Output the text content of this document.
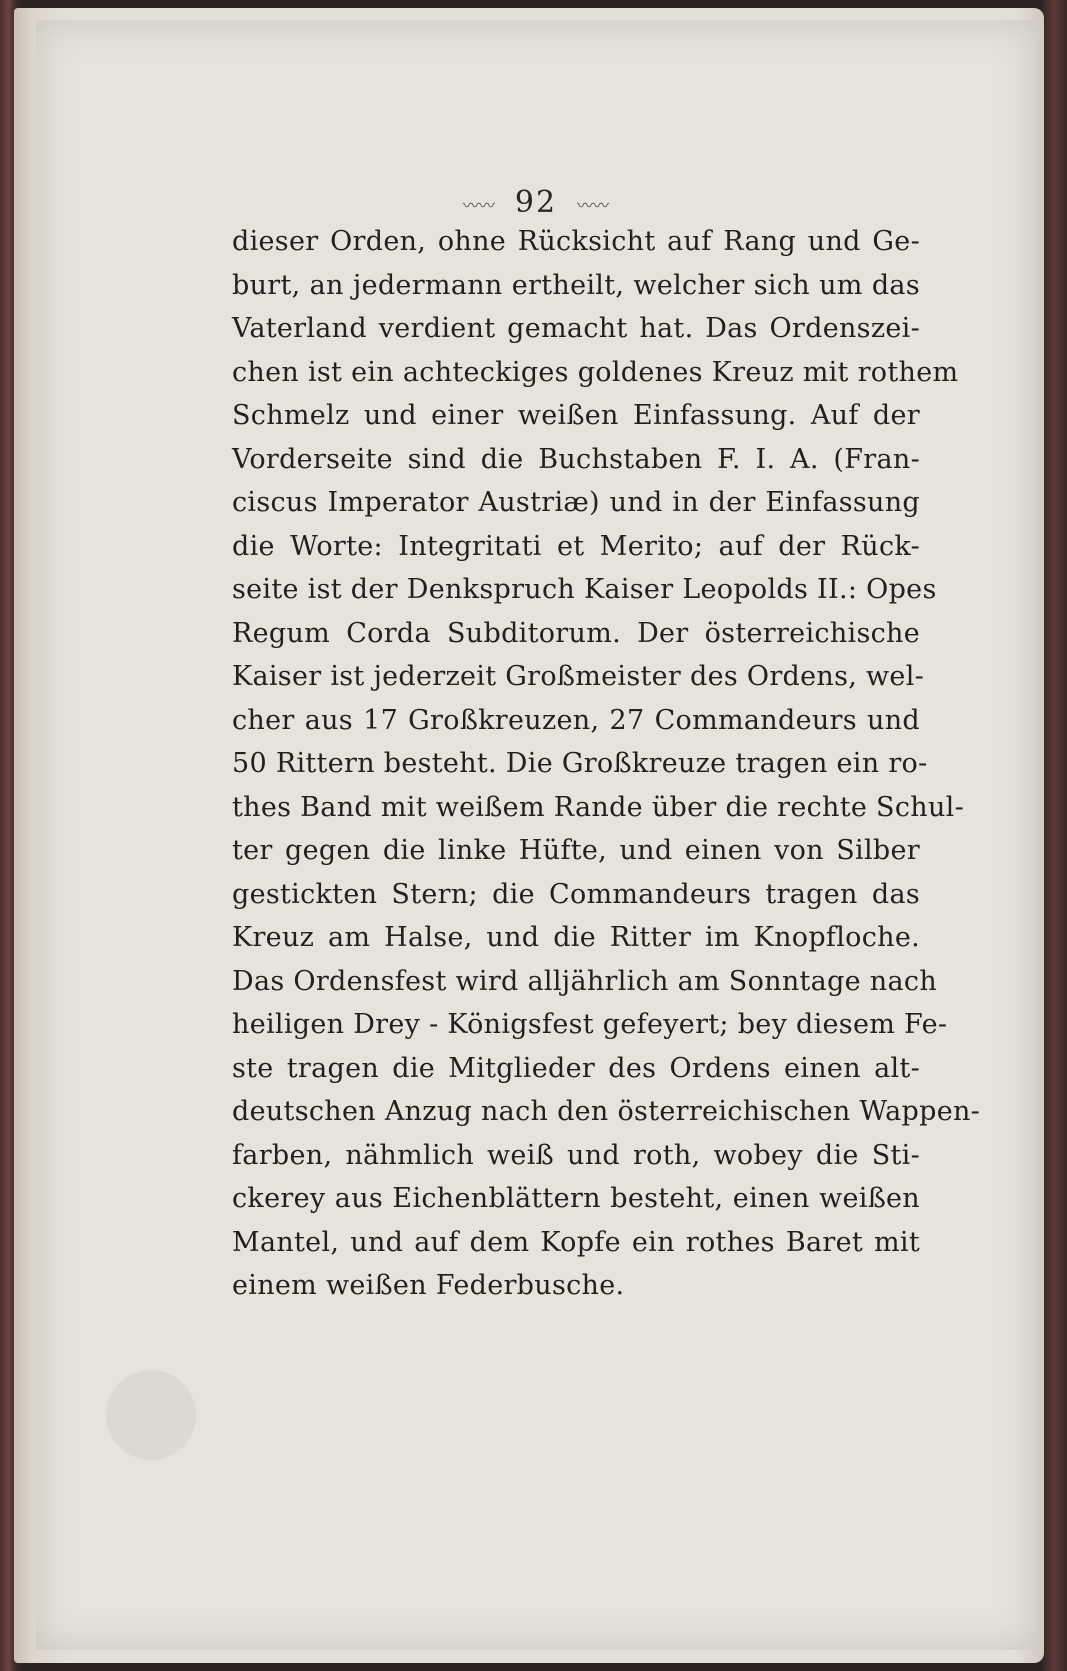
〰〰 92 〰〰
dieser Orden, ohne Rücksicht auf Rang und Ge-
burt, an jedermann ertheilt, welcher sich um das
Vaterland verdient gemacht hat. Das Ordenszei-
chen ist ein achteckiges goldenes Kreuz mit rothem
Schmelz und einer weißen Einfassung. Auf der
Vorderseite sind die Buchstaben F. I. A. (Fran-
ciscus Imperator Austriæ) und in der Einfassung
die Worte: Integritati et Merito; auf der Rück-
seite ist der Denkspruch Kaiser Leopolds II.: Opes
Regum Corda Subditorum. Der österreichische
Kaiser ist jederzeit Großmeister des Ordens, wel-
cher aus 17 Großkreuzen, 27 Commandeurs und
50 Rittern besteht. Die Großkreuze tragen ein ro-
thes Band mit weißem Rande über die rechte Schul-
ter gegen die linke Hüfte, und einen von Silber
gestickten Stern; die Commandeurs tragen das
Kreuz am Halse, und die Ritter im Knopfloche.
Das Ordensfest wird alljährlich am Sonntage nach
heiligen Drey - Königsfest gefeyert; bey diesem Fe-
ste tragen die Mitglieder des Ordens einen alt-
deutschen Anzug nach den österreichischen Wappen-
farben, nähmlich weiß und roth, wobey die Sti-
ckerey aus Eichenblättern besteht, einen weißen
Mantel, und auf dem Kopfe ein rothes Baret mit
einem weißen Federbusche.
